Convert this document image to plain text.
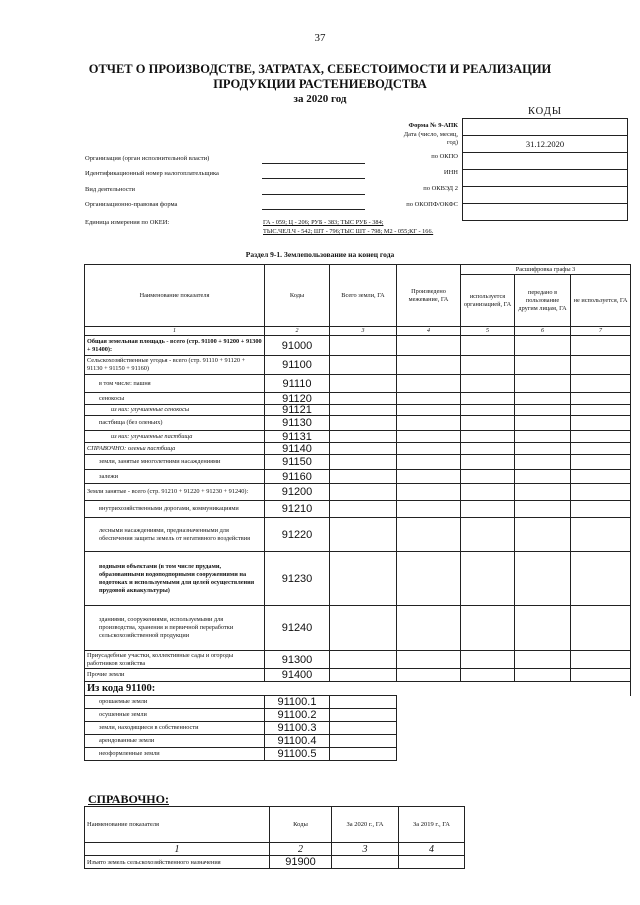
37
ОТЧЕТ О ПРОИЗВОДСТВЕ, ЗАТРАТАХ, СЕБЕСТОИМОСТИ И РЕАЛИЗАЦИИ
ПРОДУКЦИИ РАСТЕНИЕВОДСТВА
за 2020 год
КОДЫ
31.12.2020
Форма № 9-АПК
Дата (число, месяц, год)
по ОКПО
ИНН
по ОКВЭД 2
по ОКОПФ/ОКФС
Организация (орган исполнительной власти)
Идентификационный номер налогоплательщика
Вид деятельности
Организационно-правовая форма
Единица измерения по ОКЕИ:	ГА - 059; Ц - 206; РУБ - 383; ТЫС РУБ - 384;
ТЫС.ЧЕЛ.Ч - 542; ШТ - 796;ТЫС ШТ - 798; М2 - 055;КГ - 166.
Раздел 9-1. Землепользование на конец года
Наименование показателя	Коды	Всего земли, ГА	Произведено межевание, ГА	Расшифровка графы 3		
				используется организацией, ГА	передано в пользование другим лицам, ГА	не используется, ГА
1	2	3	4	5	6	7
Общая земельная площадь - всего (стр. 91100 + 91200 + 91300 + 91400):	91000					
Сельскохозяйственные угодья - всего (стр. 91110 + 91120 + 91130 + 91150 + 91160)	91100					
в том числе: пашня	91110					
сенокосы	91120					
из них: улучшенные сенокосы	91121					
пастбища (без оленьих)	91130					
из них: улучшенные пастбища	91131					
СПРАВОЧНО: оленьи пастбища	91140					
земли, занятые многолетними насаждениями	91150					
залежи	91160					
Земли занятые - всего (стр. 91210 + 91220 + 91230 + 91240):	91200					
внутрихозяйственными дорогами, коммуникациями	91210					
лесными насаждениями, предназначенными для обеспечения защиты земель от негативного воздействия	91220					
водными объектами (в том числе прудами, образованными водоподпорными сооружениями на водотоках и используемыми для целей осуществления прудовой аквакультуры)	91230					
зданиями, сооружениями, используемыми для производства, хранения и первичной переработки сельскохозяйственной продукции	91240					
Приусадебные участки, коллективные сады и огороды работников хозяйства	91300					
Прочие земли	91400					
Из кода 91100:						
орошаемые земли	91100.1					
осушенные земли	91100.2					
земли, находящиеся в собственности	91100.3					
арендованные земли	91100.4					
неоформленные земли	91100.5					
СПРАВОЧНО:
Наименование показателя	Коды	За 2020 г., ГА	За 2019 г., ГА
1	2	3	4
Изъято земель сельскохозяйственного назначения	91900		
